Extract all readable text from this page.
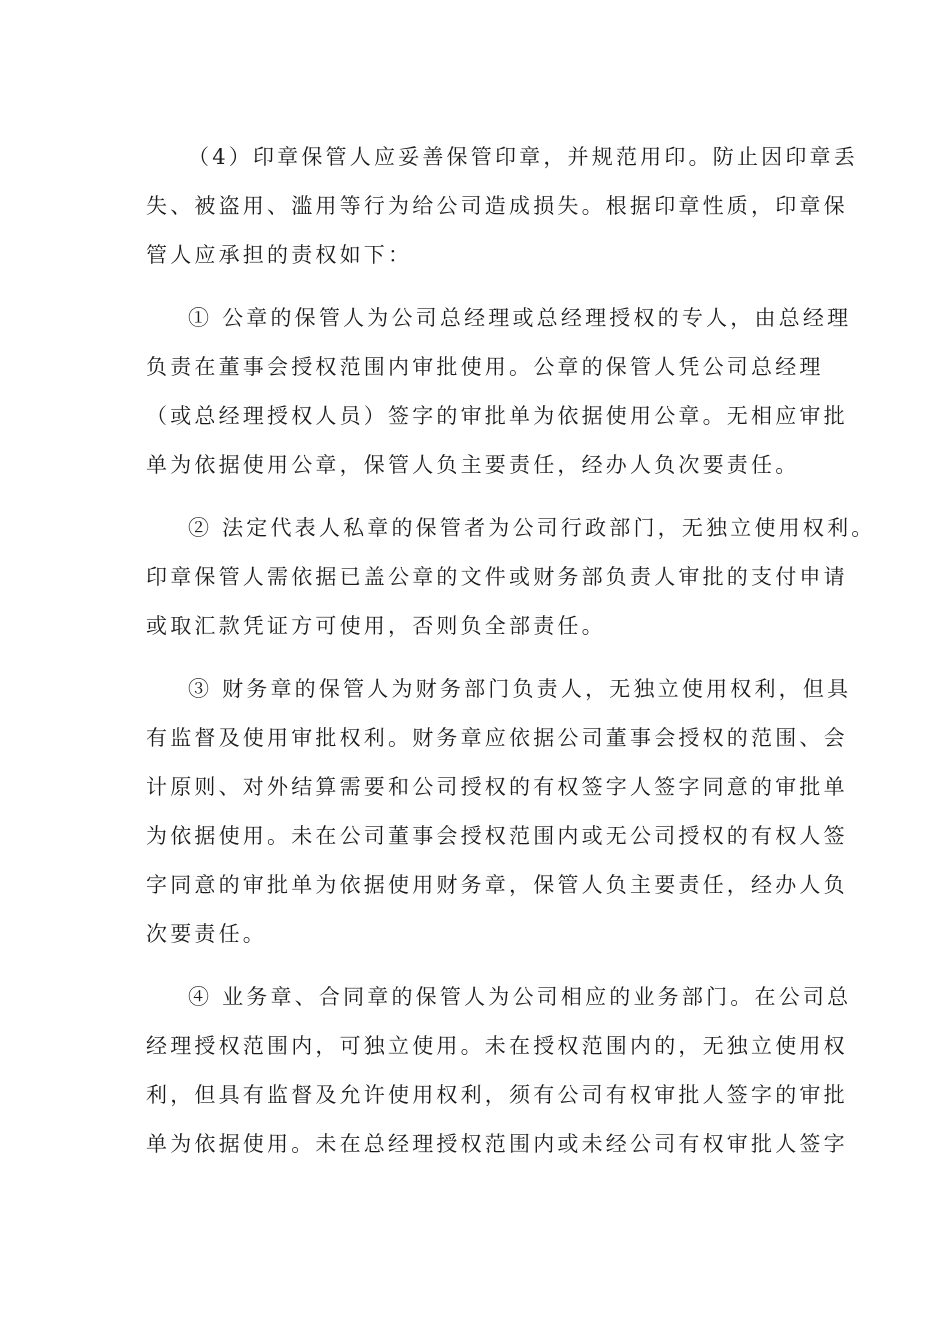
（4）印章保管人应妥善保管印章，并规范用印。防止因印章丢
失、被盗用、滥用等行为给公司造成损失。根据印章性质，印章保
管人应承担的责权如下：

① 公章的保管人为公司总经理或总经理授权的专人，由总经理
负责在董事会授权范围内审批使用。公章的保管人凭公司总经理
（或总经理授权人员）签字的审批单为依据使用公章。无相应审批
单为依据使用公章，保管人负主要责任，经办人负次要责任。

② 法定代表人私章的保管者为公司行政部门，无独立使用权利。
印章保管人需依据已盖公章的文件或财务部负责人审批的支付申请
或取汇款凭证方可使用，否则负全部责任。

③ 财务章的保管人为财务部门负责人，无独立使用权利，但具
有监督及使用审批权利。财务章应依据公司董事会授权的范围、会
计原则、对外结算需要和公司授权的有权签字人签字同意的审批单
为依据使用。未在公司董事会授权范围内或无公司授权的有权人签
字同意的审批单为依据使用财务章，保管人负主要责任，经办人负
次要责任。

④ 业务章、合同章的保管人为公司相应的业务部门。在公司总
经理授权范围内，可独立使用。未在授权范围内的，无独立使用权
利，但具有监督及允许使用权利，须有公司有权审批人签字的审批
单为依据使用。未在总经理授权范围内或未经公司有权审批人签字
